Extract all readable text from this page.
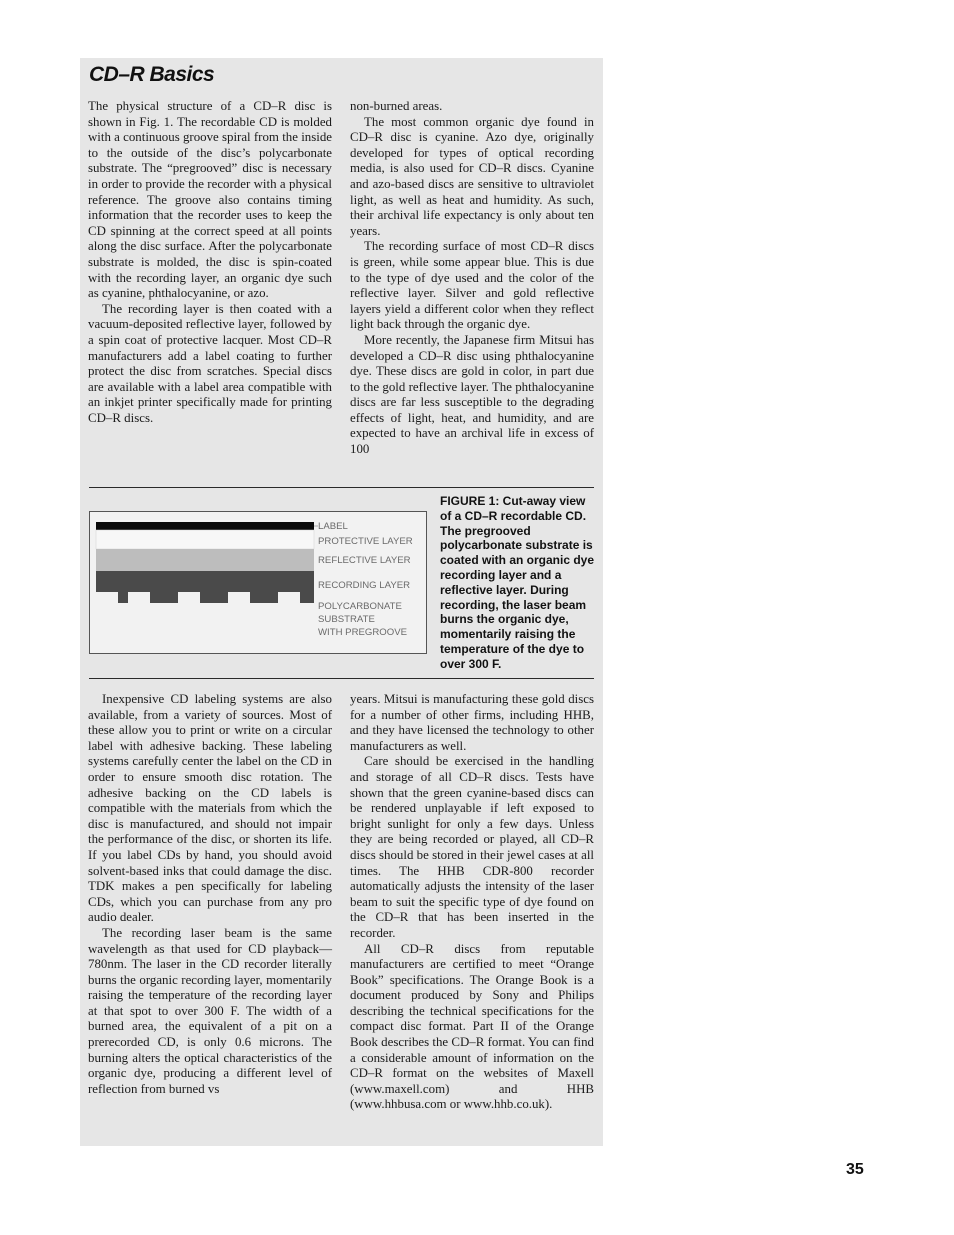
CD–R Basics

The physical structure of a CD–R disc is shown in Fig. 1. The recordable CD is molded with a continuous groove spiral from the inside to the outside of the disc’s polycarbonate substrate. The “pregrooved” disc is necessary in order to provide the recorder with a physical reference. The groove also contains timing information that the recorder uses to keep the CD spinning at the correct speed at all points along the disc surface. After the polycarbonate substrate is molded, the disc is spin-coated with the recording layer, an organic dye such as cyanine, phthalocyanine, or azo.

The recording layer is then coated with a vacuum-deposited reflective layer, followed by a spin coat of protective lacquer. Most CD–R manufacturers add a label coating to further protect the disc from scratches. Special discs are available with a label area compatible with an inkjet printer specifically made for printing CD–R discs.

non-burned areas.

The most common organic dye found in CD–R disc is cyanine. Azo dye, originally developed for types of optical recording media, is also used for CD–R discs. Cyanine and azo-based discs are sensitive to ultraviolet light, as well as heat and humidity. As such, their archival life expectancy is only about ten years.

The recording surface of most CD–R discs is green, while some appear blue. This is due to the type of dye used and the color of the reflective layer. Silver and gold reflective layers yield a different color when they reflect light back through the organic dye.

More recently, the Japanese firm Mitsui has developed a CD–R disc using phthalocyanine dye. These discs are gold in color, in part due to the gold reflective layer. The phthalocyanine discs are far less susceptible to the degrading effects of light, heat, and humidity, and are expected to have an archival life in excess of 100

LABEL

PROTECTIVE LAYER

REFLECTIVE LAYER

RECORDING LAYER

POLYCARBONATE

SUBSTRATE

WITH PREGROOVE

FIGURE 1: Cut-away view of a CD–R recordable CD. The pregrooved polycarbonate substrate is coated with an organic dye recording layer and a reflective layer. During recording, the laser beam burns the organic dye, momentarily raising the temperature of the dye to over 300 F.

Inexpensive CD labeling systems are also available, from a variety of sources. Most of these allow you to print or write on a circular label with adhesive backing. These labeling systems carefully center the label on the CD in order to ensure smooth disc rotation. The adhesive backing on the CD labels is compatible with the materials from which the disc is manufactured, and should not impair the performance of the disc, or shorten its life. If you label CDs by hand, you should avoid solvent-based inks that could damage the disc. TDK makes a pen specifically for labeling CDs, which you can purchase from any pro audio dealer.

The recording laser beam is the same wavelength as that used for CD playback—780nm. The laser in the CD recorder literally burns the organic recording layer, momentarily raising the temperature of the recording layer at that spot to over 300 F. The width of a burned area, the equivalent of a pit on a prerecorded CD, is only 0.6 microns. The burning alters the optical characteristics of the organic dye, producing a different level of reflection from burned vs

years. Mitsui is manufacturing these gold discs for a number of other firms, including HHB, and they have licensed the technology to other manufacturers as well.

Care should be exercised in the handling and storage of all CD–R discs. Tests have shown that the green cyanine-based discs can be rendered unplayable if left exposed to bright sunlight for only a few days. Unless they are being recorded or played, all CD–R discs should be stored in their jewel cases at all times. The HHB CDR-800 recorder automatically adjusts the intensity of the laser beam to suit the specific type of dye found on the CD–R that has been inserted in the recorder.

All CD–R discs from reputable manufacturers are certified to meet “Orange Book” specifications. The Orange Book is a document produced by Sony and Philips describing the technical specifications for the compact disc format. Part II of the Orange Book describes the CD–R format. You can find a considerable amount of information on the CD–R format on the websites of Maxell (www.maxell.com) and HHB (www.hhbusa.com or www.hhb.co.uk).

35
